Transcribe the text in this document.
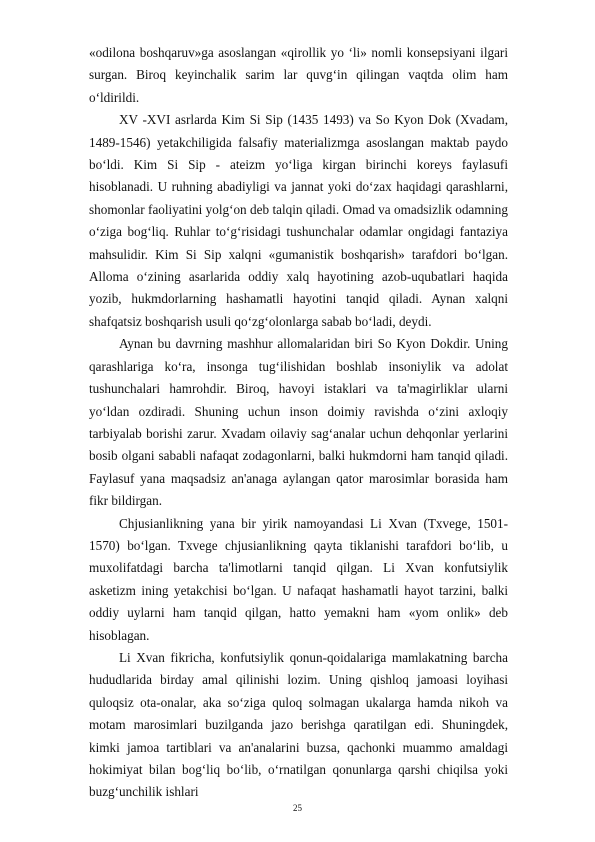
«odilona boshqaruv»ga asoslangan «qirollik yo ‘li» nomli konsepsiyani ilgari surgan. Biroq keyinchalik sarim lar quvg‘in qilingan vaqtda olim ham o‘ldirildi.

XV -XVI asrlarda Kim Si Sip (1435 1493) va So Kyon Dok (Xvadam, 1489-1546) yetakchiligida falsafiy materializmga asoslangan maktab paydo bo‘ldi. Kim Si Sip - ateizm yo‘liga kirgan birinchi koreys faylasufi hisoblanadi. U ruhning abadiyligi va jannat yoki do‘zax haqidagi qarashlarni, shomonlar faoliyatini yolg‘on deb talqin qiladi. Omad va omadsizlik odamning o‘ziga bog‘liq. Ruhlar to‘g‘risidagi tushunchalar odamlar ongidagi fantaziya mahsulidir. Kim Si Sip xalqni «gumanistik boshqarish» tarafdori bo‘lgan. Alloma o‘zining asarlarida oddiy xalq hayotining azob-uqubatlari haqida yozib, hukmdorlarning hashamatli hayotini tanqid qiladi. Aynan xalqni shafqatsiz boshqarish usuli qo‘zg‘olonlarga sabab bo‘ladi, deydi.

Aynan bu davrning mashhur allomalaridan biri So Kyon Dokdir. Uning qarashlariga ko‘ra, insonga tug‘ilishidan boshlab insoniylik va adolat tushunchalari hamrohdir. Biroq, havoyi istaklari va ta'magirliklar ularni yo‘ldan ozdiradi. Shuning uchun inson doimiy ravishda o‘zini axloqiy tarbiyalab borishi zarur. Xvadam oilaviy sag‘analar uchun dehqonlar yerlarini bosib olgani sababli nafaqat zodagonlarni, balki hukmdorni ham tanqid qiladi. Faylasuf yana maqsadsiz an'anaga aylangan qator marosimlar borasida ham fikr bildirgan.

Chjusianlikning yana bir yirik namoyandasi Li Xvan (Txvege, 1501-1570) bo‘lgan. Txvege chjusianlikning qayta tiklanishi tarafdori bo‘lib, u muxolifatdagi barcha ta'limotlarni tanqid qilgan. Li Xvan konfutsiylik asketizm ining yetakchisi bo‘lgan. U nafaqat hashamatli hayot tarzini, balki oddiy uylarni ham tanqid qilgan, hatto yemakni ham «yom onlik» deb hisoblagan.

Li Xvan fikricha, konfutsiylik qonun-qoidalariga mamlakatning barcha hududlarida birday amal qilinishi lozim. Uning qishloq jamoasi loyihasi quloqsiz ota-onalar, aka so‘ziga quloq solmagan ukalarga hamda nikoh va motam marosimlari buzilganda jazo berishga qaratilgan edi. Shuningdek, kimki jamoa tartiblari va an'analarini buzsa, qachonki muammo amaldagi hokimiyat bilan bog‘liq bo‘lib, o‘rnatilgan qonunlarga qarshi chiqilsa yoki buzg‘unchilik ishlari

25
